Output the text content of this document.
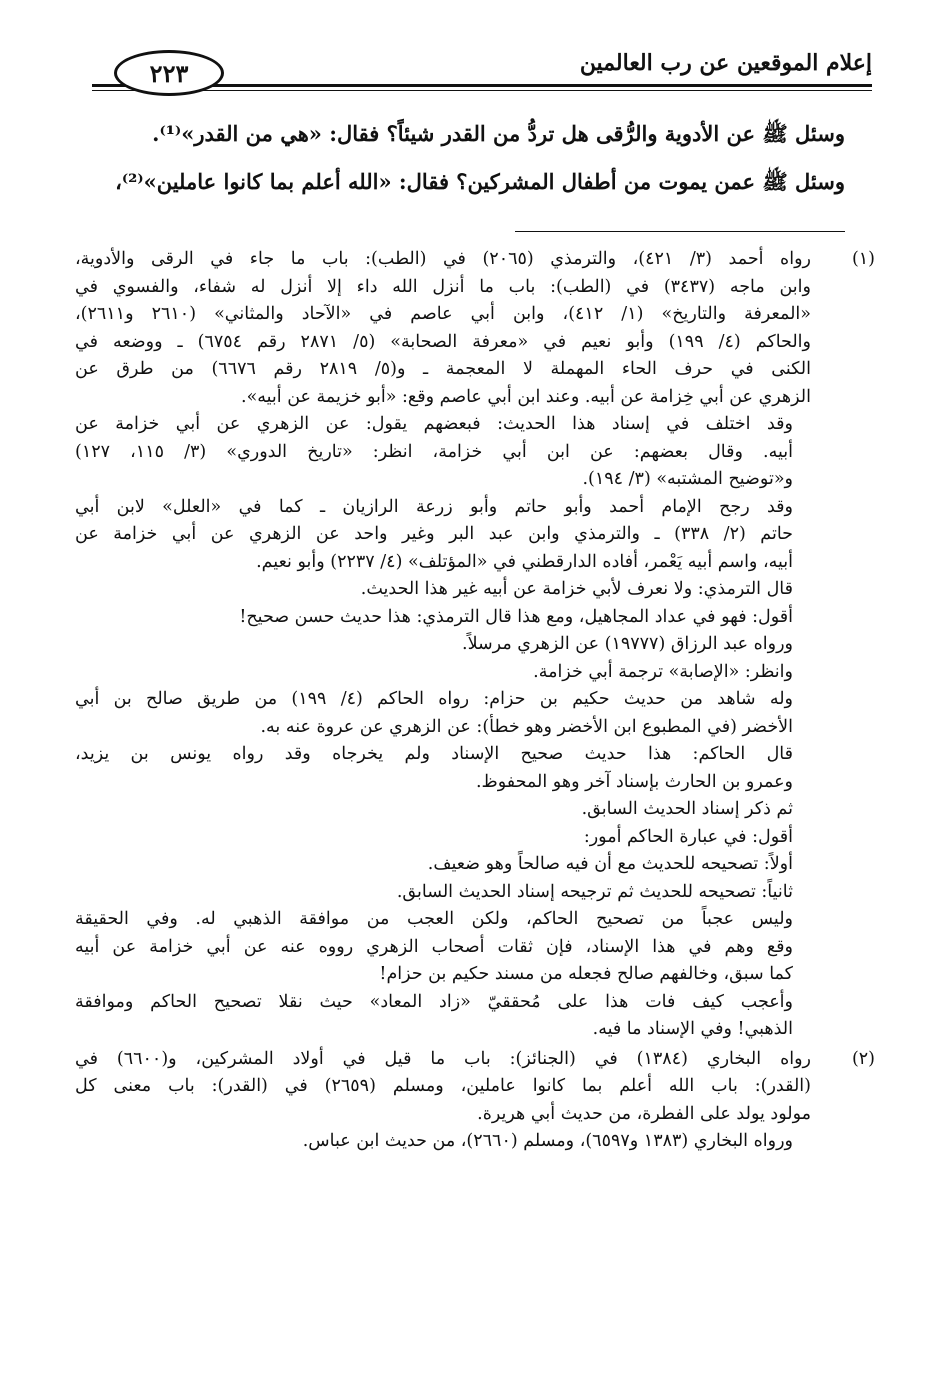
إعلام الموقعين عن رب العالمين
٢٢٣

وسئل ﷺ عن الأدوية والرُّقى هل تردُّ من القدر شيئاً؟ فقال: «هي من القدر»⁽¹⁾.

وسئل ﷺ عمن يموت من أطفال المشركين؟ فقال: «الله أعلم بما كانوا عاملين»⁽²⁾،

(١)
رواه أحمد (٣/ ٤٢١)، والترمذي (٢٠٦٥) في (الطب): باب ما جاء في الرقى والأدوية،
وابن ماجه (٣٤٣٧) في (الطب): باب ما أنزل الله داء إلا أنزل له شفاء، والفسوي في
«المعرفة والتاريخ» (١/ ٤١٢)، وابن أبي عاصم في «الآحاد والمثاني» (٢٦١٠ و٢٦١١)،
والحاكم (٤/ ١٩٩) وأبو نعيم في «معرفة الصحابة» (٥/ ٢٨٧١ رقم ٦٧٥٤) ـ ووضعه في
الكنى في حرف الحاء المهملة لا المعجمة ـ و(٥/ ٢٨١٩ رقم ٦٦٧٦) من طرق عن
الزهري عن أبي خِزامة عن أبيه. وعند ابن أبي عاصم وقع: «أبو خزيمة عن أبيه».
وقد اختلف في إسناد هذا الحديث: فبعضهم يقول: عن الزهري عن أبي خزامة عن
أبيه. وقال بعضهم: عن ابن أبي خزامة، انظر: «تاريخ الدوري» (٣/ ١١٥، ١٢٧)
و«توضيح المشتبه» (٣/ ١٩٤).
وقد رجح الإمام أحمد وأبو حاتم وأبو زرعة الرازيان ـ كما في «العلل» لابن أبي
حاتم (٢/ ٣٣٨) ـ والترمذي وابن عبد البر وغير واحد عن الزهري عن أبي خزامة عن
أبيه، واسم أبيه يَعْمر، أفاده الدارقطني في «المؤتلف» (٤/ ٢٢٣٧) وأبو نعيم.
قال الترمذي: ولا نعرف لأبي خزامة عن أبيه غير هذا الحديث.
أقول: فهو في عداد المجاهيل، ومع هذا قال الترمذي: هذا حديث حسن صحيح!
ورواه عبد الرزاق (١٩٧٧٧) عن الزهري مرسلاً.
وانظر: «الإصابة» ترجمة أبي خزامة.
وله شاهد من حديث حكيم بن حزام: رواه الحاكم (٤/ ١٩٩) من طريق صالح بن أبي
الأخضر (في المطبوع ابن الأخضر وهو خطأ): عن الزهري عن عروة عنه به.
قال الحاكم: هذا حديث صحيح الإسناد ولم يخرجاه وقد رواه يونس بن يزيد،
وعمرو بن الحارث بإسناد آخر وهو المحفوظ.
ثم ذكر إسناد الحديث السابق.
أقول: في عبارة الحاكم أمور:
أولاً: تصحيحه للحديث مع أن فيه صالحاً وهو ضعيف.
ثانياً: تصحيحه للحديث ثم ترجيحه إسناد الحديث السابق.
وليس عجباً من تصحيح الحاكم، ولكن العجب من موافقة الذهبي له. وفي الحقيقة
وقع وهم في هذا الإسناد، فإن ثقات أصحاب الزهري رووه عنه عن أبي خزامة عن أبيه
كما سبق، وخالفهم صالح فجعله من مسند حكيم بن حزام!
وأعجب كيف فات هذا على مُحققيّ «زاد المعاد» حيث نقلا تصحيح الحاكم وموافقة
الذهبي! وفي الإسناد ما فيه.
(٢)
رواه البخاري (١٣٨٤) في (الجنائز): باب ما قيل في أولاد المشركين، و(٦٦٠٠) في
(القدر): باب الله أعلم بما كانوا عاملين، ومسلم (٢٦٥٩) في (القدر): باب معنى كل
مولود يولد على الفطرة، من حديث أبي هريرة.
ورواه البخاري (١٣٨٣ و٦٥٩٧)، ومسلم (٢٦٦٠)، من حديث ابن عباس.
